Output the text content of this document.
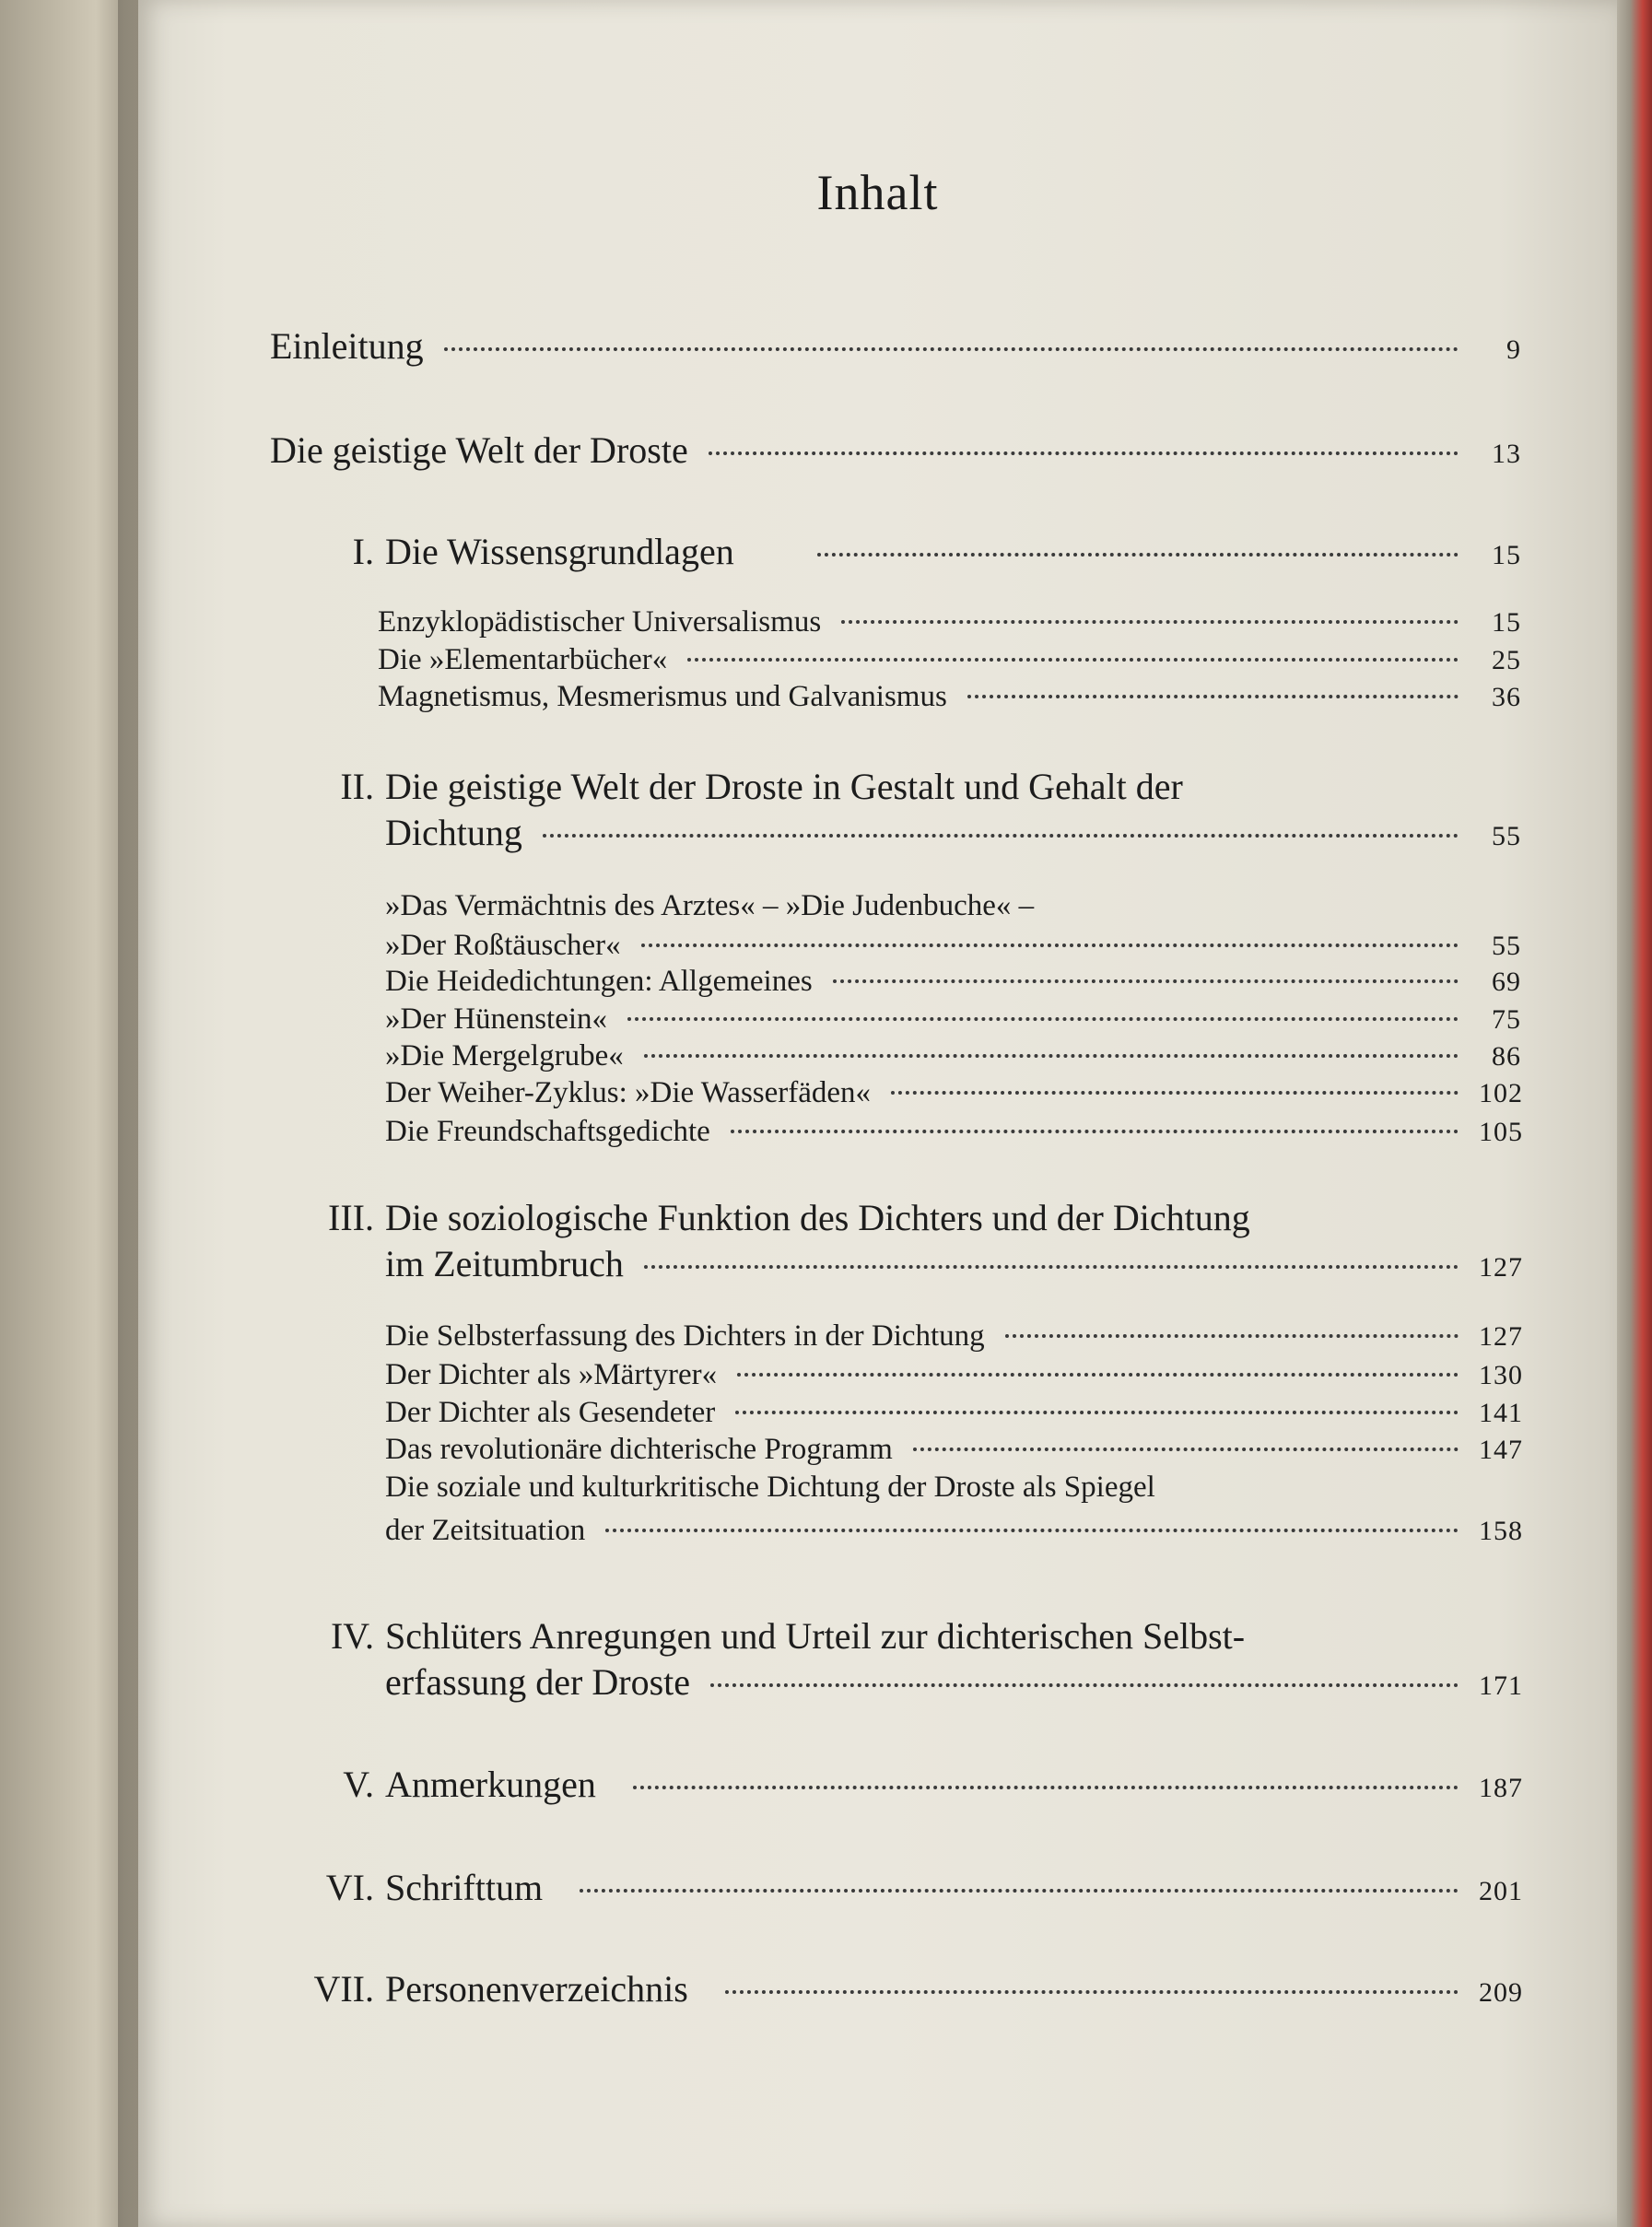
Inhalt
Einleitung	9
Die geistige Welt der Droste	13
I. Die Wissensgrundlagen	15
Enzyklopädistischer Universalismus	15
Die »Elementarbücher«	25
Magnetismus, Mesmerismus und Galvanismus	36
II. Die geistige Welt der Droste in Gestalt und Gehalt der
Dichtung	55
»Das Vermächtnis des Arztes« – »Die Judenbuche« –
»Der Roßtäuscher«	55
Die Heidedichtungen: Allgemeines	69
»Der Hünenstein«	75
»Die Mergelgrube«	86
Der Weiher-Zyklus: »Die Wasserfäden«	102
Die Freundschaftsgedichte	105
III. Die soziologische Funktion des Dichters und der Dichtung
im Zeitumbruch	127
Die Selbsterfassung des Dichters in der Dichtung	127
Der Dichter als »Märtyrer«	130
Der Dichter als Gesendeter	141
Das revolutionäre dichterische Programm	147
Die soziale und kulturkritische Dichtung der Droste als Spiegel
der Zeitsituation	158
IV. Schlüters Anregungen und Urteil zur dichterischen Selbst-
erfassung der Droste	171
V. Anmerkungen	187
VI. Schrifttum	201
VII. Personenverzeichnis	209
